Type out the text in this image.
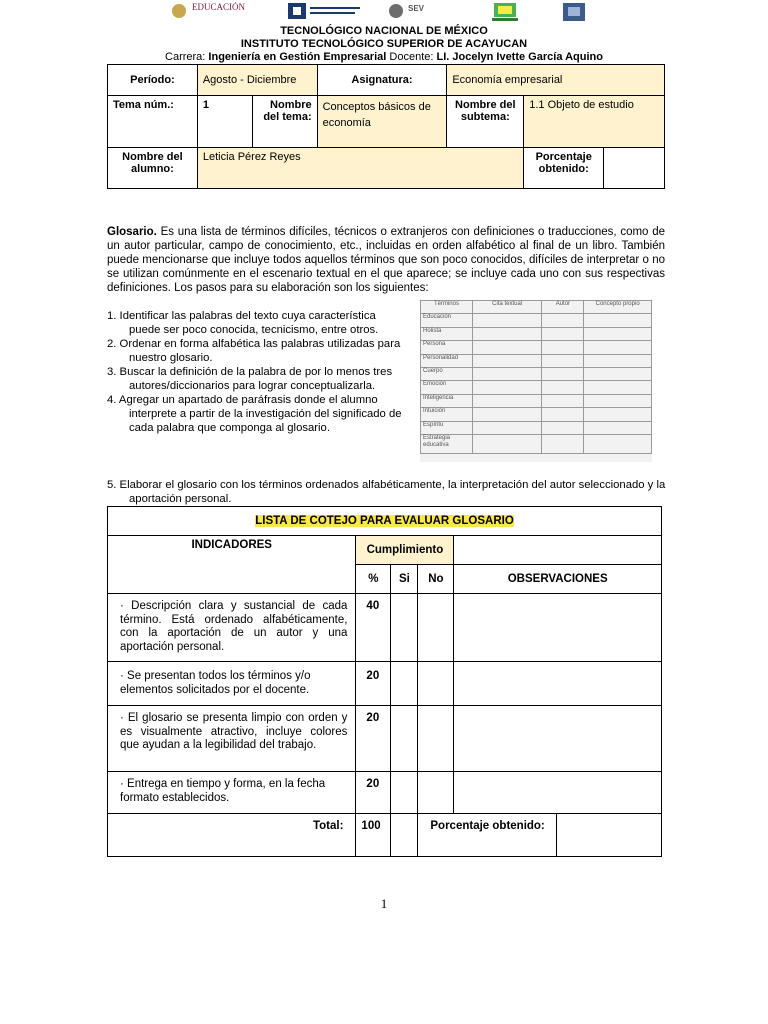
EDUCACIÓN	SEV
TECNOLÓGICO NACIONAL DE MÉXICO
INSTITUTO TECNOLÓGICO SUPERIOR DE ACAYUCAN
Carrera: Ingeniería en Gestión Empresarial Docente: LI. Jocelyn Ivette García Aquino
Período:	Agosto - Diciembre		Asignatura:	Economía empresarial		
Tema núm.:	1	Nombre del tema:	Conceptos básicos de economía	Nombre del subtema:	1.1 Objeto de estudio	
Nombre del alumno:	Leticia Pérez Reyes				Porcentaje obtenido:	
Glosario. Es una lista de términos difíciles, técnicos o extranjeros con definiciones o traducciones, como de un autor particular, campo de conocimiento, etc., incluidas en orden alfabético al final de un libro. También puede mencionarse que incluye todos aquellos términos que son poco conocidos, difíciles de interpretar o no se utilizan comúnmente en el escenario textual en el que aparece; se incluye cada uno con sus respectivas definiciones. Los pasos para su elaboración son los siguientes:
1. Identificar las palabras del texto cuya característica puede ser poco conocida, tecnicismo, entre otros.
2. Ordenar en forma alfabética las palabras utilizadas para nuestro glosario.
3. Buscar la definición de la palabra de por lo menos tres autores/diccionarios para lograr conceptualizarla.
4. Agregar un apartado de paráfrasis donde el alumno interprete a partir de la investigación del significado de cada palabra que componga al glosario.
5. Elaborar el glosario con los términos ordenados alfabéticamente, la interpretación del autor seleccionado y la aportación personal.
Términos	Cita textual	Autor	Concepto propio
Educación			
Holista			
Persona			
Personalidad			
Cuerpo			
Emoción			
Inteligencia			
Intuición			
Espíritu			
Estrategia educativa			
LISTA DE COTEJO PARA EVALUAR GLOSARIO					
INDICADORES	Cumplimiento				
	%	Si	No	OBSERVACIONES	
· Descripción clara y sustancial de cada término. Está ordenado alfabéticamente, con la aportación de un autor y una aportación personal.	40				
· Se presentan todos los términos y/o elementos solicitados por el docente.	20				
· El glosario se presenta limpio con orden y es visualmente atractivo, incluye colores que ayudan a la legibilidad del trabajo.	20				
· Entrega en tiempo y forma, en la fecha formato establecidos.	20				
Total:	100		Porcentaje obtenido:		
1
